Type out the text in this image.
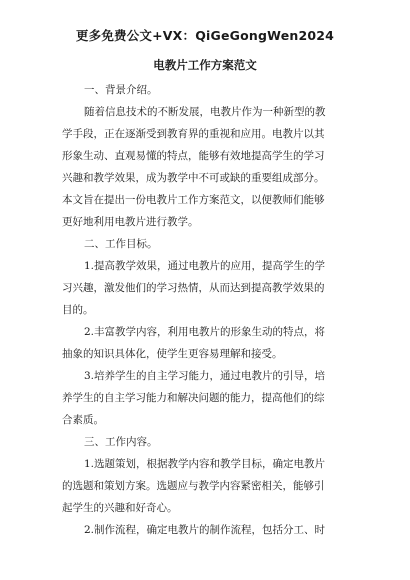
更多免费公文+VX：QiGeGongWen2024
电教片工作方案范文
一、背景介绍。
随着信息技术的不断发展，电教片作为一种新型的教
学手段，正在逐渐受到教育界的重视和应用。电教片以其
形象生动、直观易懂的特点，能够有效地提高学生的学习
兴趣和教学效果，成为教学中不可或缺的重要组成部分。
本文旨在提出一份电教片工作方案范文，以便教师们能够
更好地利用电教片进行教学。
二、工作目标。
1.提高教学效果，通过电教片的应用，提高学生的学
习兴趣，激发他们的学习热情，从而达到提高教学效果的
目的。
2.丰富教学内容，利用电教片的形象生动的特点，将
抽象的知识具体化，使学生更容易理解和接受。
3.培养学生的自主学习能力，通过电教片的引导，培
养学生的自主学习能力和解决问题的能力，提高他们的综
合素质。
三、工作内容。
1.选题策划，根据教学内容和教学目标，确定电教片
的选题和策划方案。选题应与教学内容紧密相关，能够引
起学生的兴趣和好奇心。
2.制作流程，确定电教片的制作流程，包括分工、时
